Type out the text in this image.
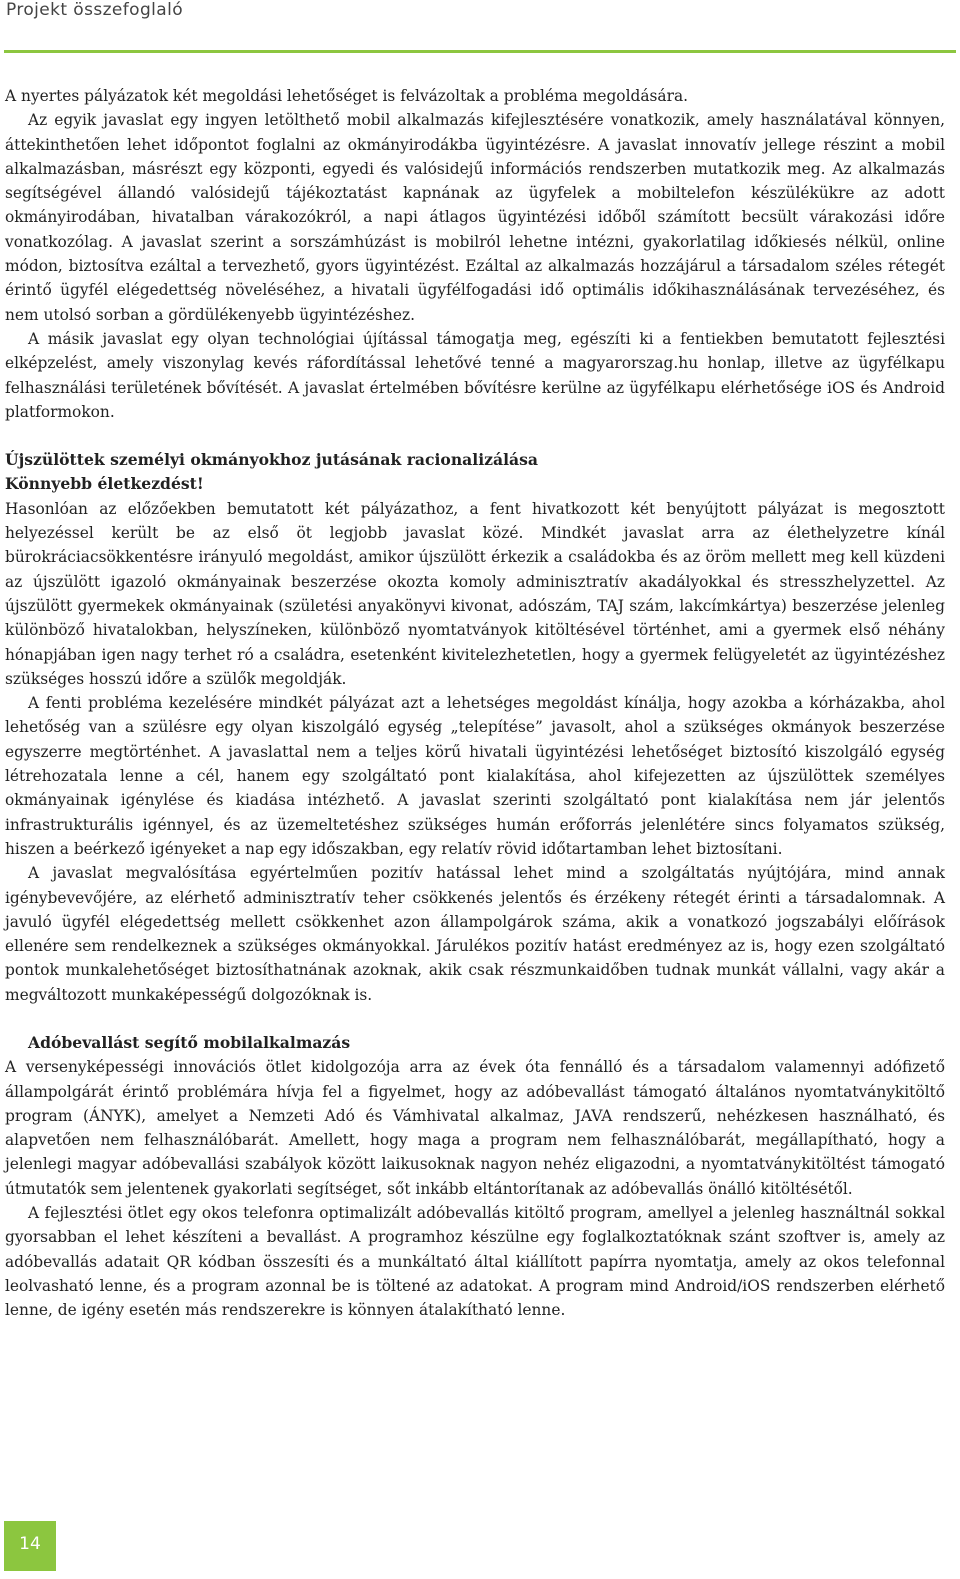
Projekt összefoglaló

A nyertes pályázatok két megoldási lehetőséget is felvázoltak a probléma megoldására.

Az egyik javaslat egy ingyen letölthető mobil alkalmazás kifejlesztésére vonatkozik, amely használatával könnyen, áttekinthetően lehet időpontot foglalni az okmányirodákba ügyintézésre. A javaslat innovatív jellege részint a mobil alkalmazásban, másrészt egy központi, egyedi és valósidejű információs rendszerben mutatkozik meg. Az alkalmazás segítségével állandó valósidejű tájékoztatást kapnának az ügyfelek a mobiltelefon készülékükre az adott okmányirodában, hivatalban várakozókról, a napi átlagos ügyintézési időből számított becsült várakozási időre vonatkozólag. A javaslat szerint a sorszámhúzást is mobilról lehetne intézni, gyakorlatilag időkiesés nélkül, online módon, biztosítva ezáltal a tervezhető, gyors ügyintézést. Ezáltal az alkalmazás hozzájárul a társadalom széles rétegét érintő ügyfél elégedettség növeléséhez, a hivatali ügyfélfogadási idő optimális időkihasználásának tervezéséhez, és nem utolsó sorban a gördülékenyebb ügyintézéshez.

A másik javaslat egy olyan technológiai újítással támogatja meg, egészíti ki a fentiekben bemutatott fejlesztési elképzelést, amely viszonylag kevés ráfordítással lehetővé tenné a magyarorszag.hu honlap, illetve az ügyfélkapu felhasználási területének bővítését. A javaslat értelmében bővítésre kerülne az ügyfélkapu elérhetősége iOS és Android platformokon.

Újszülöttek személyi okmányokhoz jutásának racionalizálása

Könnyebb életkezdést!

Hasonlóan az előzőekben bemutatott két pályázathoz, a fent hivatkozott két benyújtott pályázat is megosztott helyezéssel került be az első öt legjobb javaslat közé. Mindkét javaslat arra az élethelyzetre kínál bürokráciacsökkentésre irányuló megoldást, amikor újszülött érkezik a családokba és az öröm mellett meg kell küzdeni az újszülött igazoló okmányainak beszerzése okozta komoly adminisztratív akadályokkal és stresszhelyzettel. Az újszülött gyermekek okmányainak (születési anyakönyvi kivonat, adószám, TAJ szám, lakcímkártya) beszerzése jelenleg különböző hivatalokban, helyszíneken, különböző nyomtatványok kitöltésével történhet, ami a gyermek első néhány hónapjában igen nagy terhet ró a családra, esetenként kivitelezhetetlen, hogy a gyermek felügyeletét az ügyintézéshez szükséges hosszú időre a szülők megoldják.

A fenti probléma kezelésére mindkét pályázat azt a lehetséges megoldást kínálja, hogy azokba a kórházakba, ahol lehetőség van a szülésre egy olyan kiszolgáló egység „telepítése” javasolt, ahol a szükséges okmányok beszerzése egyszerre megtörténhet. A javaslattal nem a teljes körű hivatali ügyintézési lehetőséget biztosító kiszolgáló egység létrehozatala lenne a cél, hanem egy szolgáltató pont kialakítása, ahol kifejezetten az újszülöttek személyes okmányainak igénylése és kiadása intézhető. A javaslat szerinti szolgáltató pont kialakítása nem jár jelentős infrastrukturális igénnyel, és az üzemeltetéshez szükséges humán erőforrás jelenlétére sincs folyamatos szükség, hiszen a beérkező igényeket a nap egy időszakban, egy relatív rövid időtartamban lehet biztosítani.

A javaslat megvalósítása egyértelműen pozitív hatással lehet mind a szolgáltatás nyújtójára, mind annak igénybevevőjére, az elérhető adminisztratív teher csökkenés jelentős és érzékeny rétegét érinti a társadalomnak. A javuló ügyfél elégedettség mellett csökkenhet azon állampolgárok száma, akik a vonatkozó jogszabályi előírások ellenére sem rendelkeznek a szükséges okmányokkal. Járulékos pozitív hatást eredményez az is, hogy ezen szolgáltató pontok munkalehetőséget biztosíthatnának azoknak, akik csak részmunkaidőben tudnak munkát vállalni, vagy akár a megváltozott munkaképességű dolgozóknak is.

Adóbevallást segítő mobilalkalmazás

A versenyképességi innovációs ötlet kidolgozója arra az évek óta fennálló és a társadalom valamennyi adófizető állampolgárát érintő problémára hívja fel a figyelmet, hogy az adóbevallást támogató általános nyomtatványkitöltő program (ÁNYK), amelyet a Nemzeti Adó és Vámhivatal alkalmaz, JAVA rendszerű, nehézkesen használható, és alapvetően nem felhasználóbarát. Amellett, hogy maga a program nem felhasználóbarát, megállapítható, hogy a jelenlegi magyar adóbevallási szabályok között laikusoknak nagyon nehéz eligazodni, a nyomtatványkitöltést támogató útmutatók sem jelentenek gyakorlati segítséget, sőt inkább eltántorítanak az adóbevallás önálló kitöltésétől.

A fejlesztési ötlet egy okos telefonra optimalizált adóbevallás kitöltő program, amellyel a jelenleg használtnál sokkal gyorsabban el lehet készíteni a bevallást. A programhoz készülne egy foglalkoztatóknak szánt szoftver is, amely az adóbevallás adatait QR kódban összesíti és a munkáltató által kiállított papírra nyomtatja, amely az okos telefonnal leolvasható lenne, és a program azonnal be is töltené az adatokat. A program mind Android/iOS rendszerben elérhető lenne, de igény esetén más rendszerekre is könnyen átalakítható lenne.

14
